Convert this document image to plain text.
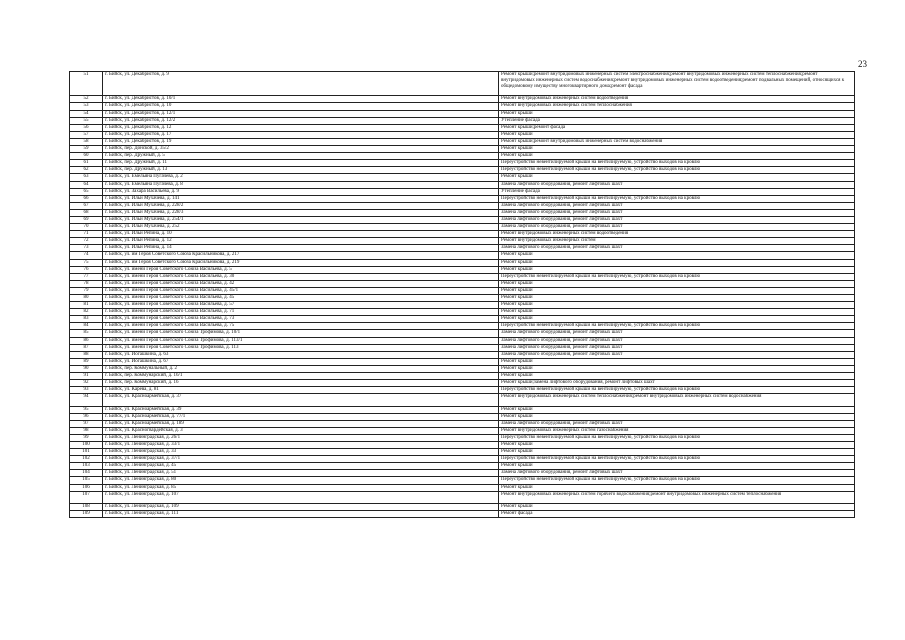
23
51	г. Бийск, ул. Декабристов, д. 9	Ремонт крыши;ремонт внутридомовых инженерных систем электроснабжения;ремонт внутридомовых инженерных систем теплоснабжения;ремонт внутридомовых инженерных систем водоснабжения;ремонт внутридомовых инженерных систем водоотведения;ремонт подвальных помещений, относящихся к общедомовому имуществу многоквартирного дома;ремонт фасада
52	г. Бийск, ул. Декабристов, д. 10/1	Ремонт внутридомовых инженерных систем водоотведения
53	г. Бийск, ул. Декабристов, д. 10	Ремонт внутридомовых инженерных систем теплоснабжения
54	г. Бийск, ул. Декабристов, д. 12/1	Ремонт крыши
55	г. Бийск, ул. Декабристов, д. 12/2	Утепление фасада
56	г. Бийск, ул. Декабристов, д. 12	Ремонт крыши;ремонт фасада
57	г. Бийск, ул. Декабристов, д. 17	Ремонт крыши
58	г. Бийск, ул. Декабристов, д. 19	Ремонт крыши;ремонт внутридомовых инженерных систем водоснабжения
59	г. Бийск, пер. Донской, д. 35/2	Ремонт крыши
60	г. Бийск, пер. Дружный, д. 5	Ремонт крыши
61	г. Бийск, пер. Дружный, д. 11	Переустройство невентилируемой крыши на вентилируемую, устройство выходов на кровлю
62	г. Бийск, пер. Дружный, д. 13	Переустройство невентилируемой крыши на вентилируемую, устройство выходов на кровлю
63	г. Бийск, ул. Емельяна Пугачева, д. 2	Ремонт крыши
64	г. Бийск, ул. Емельяна Пугачева, д. 8	Замена лифтового оборудования, ремонт лифтовых шахт
65	г. Бийск, ул. Захара Васильева, д. 9	Утепление фасада
66	г. Бийск, ул. Ильи Мухачева, д. 141	Переустройство невентилируемой крыши на вентилируемую, устройство выходов на кровлю
67	г. Бийск, ул. Ильи Мухачева, д. 228/2	Замена лифтового оборудования, ремонт лифтовых шахт
68	г. Бийск, ул. Ильи Мухачева, д. 228/3	Замена лифтового оборудования, ремонт лифтовых шахт
69	г. Бийск, ул. Ильи Мухачева, д. 254/1	Замена лифтового оборудования, ремонт лифтовых шахт
70	г. Бийск, ул. Ильи Мухачева, д. 252	Замена лифтового оборудования, ремонт лифтовых шахт
71	г. Бийск, ул. Ильи Репина, д. 10	Ремонт внутридомовых инженерных систем водоотведения
72	г. Бийск, ул. Ильи Репина, д. 12	Ремонт внутридомовых инженерных систем
73	г. Бийск, ул. Ильи Репина, д. 14	Замена лифтового оборудования, ремонт лифтовых шахт
74	г. Бийск, ул. им Героя Советского Союза Красильникова, д. 217	Ремонт крыши
75	г. Бийск, ул. им Героя Советского Союза Красильникова, д. 219	Ремонт крыши
76	г. Бийск, ул. имени Героя Советского Союза Васильева, д. 5	Ремонт крыши
77	г. Бийск, ул. имени Героя Советского Союза Васильева, д. 30	Переустройство невентилируемой крыши на вентилируемую, устройство выходов на кровлю
78	г. Бийск, ул. имени Героя Советского Союза Васильева, д. 42	Ремонт крыши
79	г. Бийск, ул. имени Героя Советского Союза Васильева, д. 45/1	Ремонт крыши
80	г. Бийск, ул. имени Героя Советского Союза Васильева, д. 45	Ремонт крыши
81	г. Бийск, ул. имени Героя Советского Союза Васильева, д. 57	Ремонт крыши
82	г. Бийск, ул. имени Героя Советского Союза Васильева, д. 71	Ремонт крыши
83	г. Бийск, ул. имени Героя Советского Союза Васильева, д. 73	Ремонт крыши
84	г. Бийск, ул. имени Героя Советского Союза Васильева, д. 75	Переустройство невентилируемой крыши на вентилируемую, устройство выходов на кровлю
85	г. Бийск, ул. имени Героя Советского Союза Трофимова, д. 10/1	Замена лифтового оборудования, ремонт лифтовых шахт
86	г. Бийск, ул. имени Героя Советского Союза Трофимова, д. 113/1	Замена лифтового оборудования, ремонт лифтовых шахт
87	г. Бийск, ул. имени Героя Советского Союза Трофимова, д. 113	Замена лифтового оборудования, ремонт лифтовых шахт
88	г. Бийск, ул. Иогашкина, д. 63	Замена лифтового оборудования, ремонт лифтовых шахт
89	г. Бийск, ул. Иогашкина, д. 67	Ремонт крыши
90	г. Бийск, пер. Коммунальный, д. 2	Ремонт крыши
91	г. Бийск, пер. Коммунарский, д. 16/1	Ремонт крыши
92	г. Бийск, пер. Коммунарский, д. 16	Ремонт крыши;замена лифтового оборудования, ремонт лифтовых шахт
93	г. Бийск, ул. Карева, д. 81	Переустройство невентилируемой крыши на вентилируемую, устройство выходов на кровлю
94	г. Бийск, ул. Красноармейская, д. 37	Ремонт внутридомовых инженерных систем теплоснабжения;ремонт внутридомовых инженерных систем водоснабжения
95	г. Бийск, ул. Красноармейская, д. 39	Ремонт крыши
96	г. Бийск, ул. Красноармейская, д. 77/1	Ремонт крыши
97	г. Бийск, ул. Красноармейская, д. 189	Замена лифтового оборудования, ремонт лифтовых шахт
98	г. Бийск, ул. Красногвардейская, д. 3	Ремонт внутридомовых инженерных систем газоснабжения
99	г. Бийск, ул. Ленинградская, д. 26/1	Переустройство невентилируемой крыши на вентилируемую, устройство выходов на кровлю
100	г. Бийск, ул. Ленинградская, д. 33/1	Ремонт крыши
101	г. Бийск, ул. Ленинградская, д. 33	Ремонт крыши
102	г. Бийск, ул. Ленинградская, д. 37/1	Переустройство невентилируемой крыши на вентилируемую, устройство выходов на кровлю
103	г. Бийск, ул. Ленинградская, д. 45	Ремонт крыши
104	г. Бийск, ул. Ленинградская, д. 51	Замена лифтового оборудования, ремонт лифтовых шахт
105	г. Бийск, ул. Ленинградская, д. 80	Переустройство невентилируемой крыши на вентилируемую, устройство выходов на кровлю
106	г. Бийск, ул. Ленинградская, д. 85	Ремонт крыши
107	г. Бийск, ул. Ленинградская, д. 107	Ремонт внутридомовых инженерных систем горячего водоснабжения;ремонт внутридомовых инженерных систем теплоснабжения
108	г. Бийск, ул. Ленинградская, д. 109	Ремонт крыши
109	г. Бийск, ул. Ленинградская, д. 111	Ремонт фасада
